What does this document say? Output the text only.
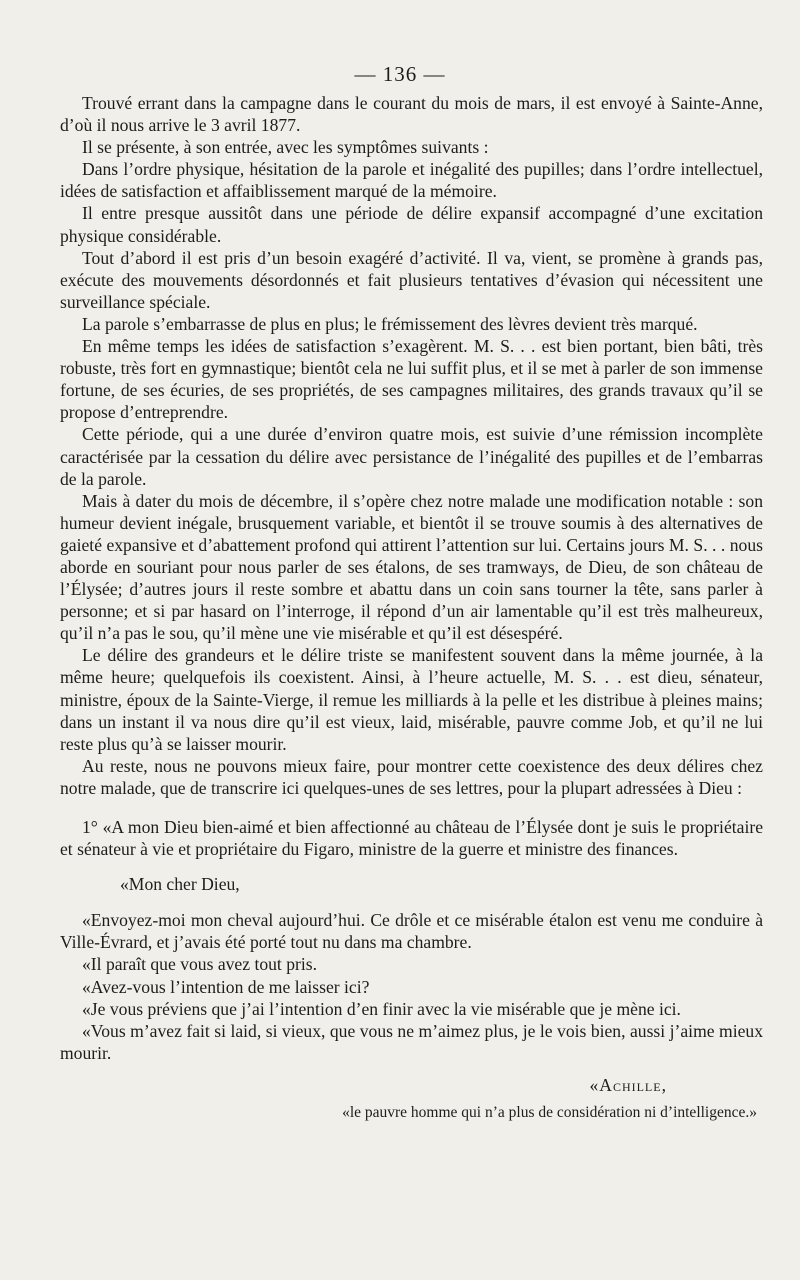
— 136 —

Trouvé errant dans la campagne dans le courant du mois de mars, il est envoyé à Sainte-Anne, d’où il nous arrive le 3 avril 1877.

Il se présente, à son entrée, avec les symptômes suivants :

Dans l’ordre physique, hésitation de la parole et inégalité des pupilles; dans l’ordre intellectuel, idées de satisfaction et affaiblissement marqué de la mémoire.

Il entre presque aussitôt dans une période de délire expansif accompagné d’une excitation physique considérable.

Tout d’abord il est pris d’un besoin exagéré d’activité. Il va, vient, se promène à grands pas, exécute des mouvements désordonnés et fait plusieurs tentatives d’évasion qui nécessitent une surveillance spéciale.

La parole s’embarrasse de plus en plus; le frémissement des lèvres devient très marqué.

En même temps les idées de satisfaction s’exagèrent. M. S. . . est bien portant, bien bâti, très robuste, très fort en gymnastique; bientôt cela ne lui suffit plus, et il se met à parler de son immense fortune, de ses écuries, de ses propriétés, de ses campagnes militaires, des grands travaux qu’il se propose d’entreprendre.

Cette période, qui a une durée d’environ quatre mois, est suivie d’une rémission incomplète caractérisée par la cessation du délire avec persistance de l’inégalité des pupilles et de l’embarras de la parole.

Mais à dater du mois de décembre, il s’opère chez notre malade une modification notable : son humeur devient inégale, brusquement variable, et bientôt il se trouve soumis à des alternatives de gaieté expansive et d’abattement profond qui attirent l’attention sur lui. Certains jours M. S. . . nous aborde en souriant pour nous parler de ses étalons, de ses tramways, de Dieu, de son château de l’Élysée; d’autres jours il reste sombre et abattu dans un coin sans tourner la tête, sans parler à personne; et si par hasard on l’interroge, il répond d’un air lamentable qu’il est très malheureux, qu’il n’a pas le sou, qu’il mène une vie misérable et qu’il est désespéré.

Le délire des grandeurs et le délire triste se manifestent souvent dans la même journée, à la même heure; quelquefois ils coexistent. Ainsi, à l’heure actuelle, M. S. . . est dieu, sénateur, ministre, époux de la Sainte-Vierge, il remue les milliards à la pelle et les distribue à pleines mains; dans un instant il va nous dire qu’il est vieux, laid, misérable, pauvre comme Job, et qu’il ne lui reste plus qu’à se laisser mourir.

Au reste, nous ne pouvons mieux faire, pour montrer cette coexistence des deux délires chez notre malade, que de transcrire ici quelques-unes de ses lettres, pour la plupart adressées à Dieu :

1° «A mon Dieu bien-aimé et bien affectionné au château de l’Élysée dont je suis le propriétaire et sénateur à vie et propriétaire du Figaro, ministre de la guerre et ministre des finances.

«Mon cher Dieu,

«Envoyez-moi mon cheval aujourd’hui. Ce drôle et ce misérable étalon est venu me conduire à Ville-Évrard, et j’avais été porté tout nu dans ma chambre.

«Il paraît que vous avez tout pris.

«Avez-vous l’intention de me laisser ici?

«Je vous préviens que j’ai l’intention d’en finir avec la vie misérable que je mène ici.

«Vous m’avez fait si laid, si vieux, que vous ne m’aimez plus, je le vois bien, aussi j’aime mieux mourir.

«Achille,
«le pauvre homme qui n’a plus de considération ni d’intelligence.»
